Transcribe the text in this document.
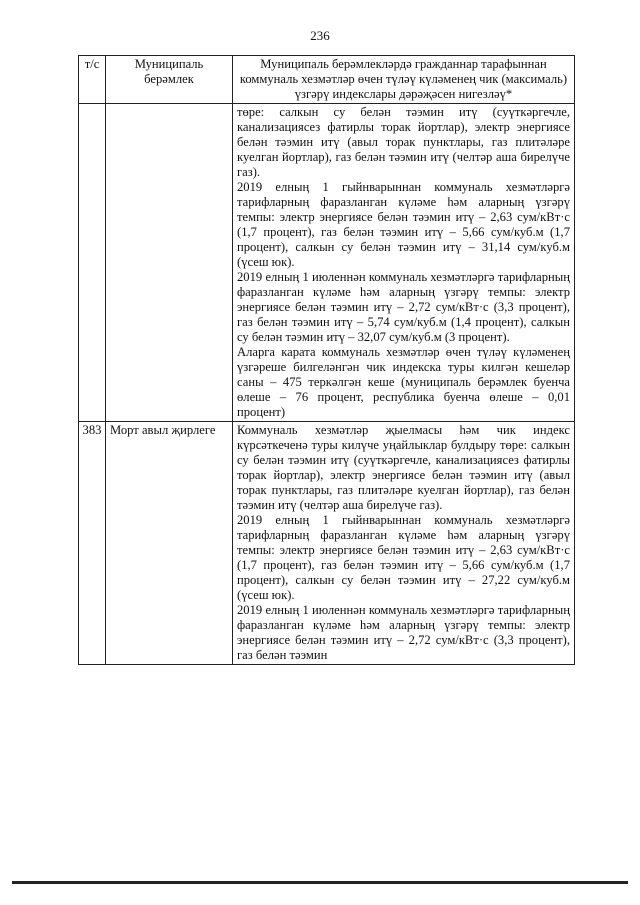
236
т/с	Муниципаль берәмлек	Муниципаль берәмлекләрдә гражданнар тарафыннан коммуналь хезмәтләр өчен түләү күләменең чик (максималь) үзгәрү индекслары дәрәҗәсен нигезләү*

		төре: салкын су белән тәэмин итү (суүткәргечле, канализациясез фатирлы торак йортлар), электр энергиясе белән тәэмин итү (авыл торак пунктлары, газ плитәләре куелган йортлар), газ белән тәэмин итү (челтәр аша бирелүче газ).

2019 елның 1 гыйнварыннан коммуналь хезмәтләргә тарифларның фаразланган күләме һәм аларның үзгәрү темпы: электр энергиясе белән тәэмин итү – 2,63 сум/кВт·с (1,7 процент), газ белән тәэмин итү – 5,66 сум/куб.м (1,7 процент), салкын су белән тәэмин итү – 31,14 сум/куб.м (үсеш юк).

2019 елның 1 июленнән коммуналь хезмәтләргә тарифларның фаразланган күләме һәм аларның үзгәрү темпы: электр энергиясе белән тәэмин итү – 2,72 сум/кВт·с (3,3 процент), газ белән тәэмин итү – 5,74 сум/куб.м (1,4 процент), салкын су белән тәэмин итү – 32,07 сум/куб.м (3 процент).

Аларга карата коммуналь хезмәтләр өчен түләү күләменең үзгәреше билгеләнгән чик индекска туры килгән кешеләр саны – 475 теркәлгән кеше (муниципаль берәмлек буенча өлеше – 76 процент, республика буенча өлеше – 0,01 процент)

383	Морт авыл җирлеге	Коммуналь хезмәтләр җыелмасы һәм чик индекс күрсәткеченә туры килүче уңайлыклар булдыру төре: салкын су белән тәэмин итү (суүткәргечле, канализациясез фатирлы торак йортлар), электр энергиясе белән тәэмин итү (авыл торак пунктлары, газ плитәләре куелган йортлар), газ белән тәэмин итү (челтәр аша бирелүче газ).

2019 елның 1 гыйнварыннан коммуналь хезмәтләргә тарифларның фаразланган күләме һәм аларның үзгәрү темпы: электр энергиясе белән тәэмин итү – 2,63 сум/кВт·с (1,7 процент), газ белән тәэмин итү – 5,66 сум/куб.м (1,7 процент), салкын су белән тәэмин итү – 27,22 сум/куб.м (үсеш юк).

2019 елның 1 июленнән коммуналь хезмәтләргә тарифларның фаразланган күләме һәм аларның үзгәрү темпы: электр энергиясе белән тәэмин итү – 2,72 сум/кВт·с (3,3 процент), газ белән тәэмин
